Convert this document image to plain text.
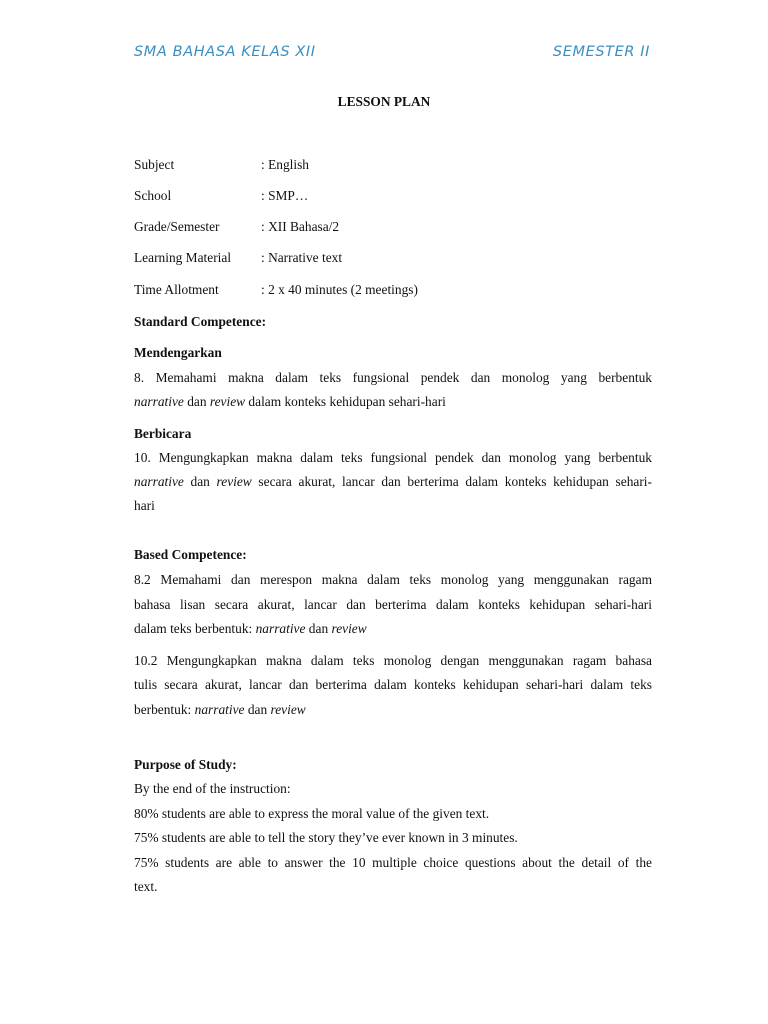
SMA BAHASA KELAS XII	SEMESTER II
LESSON PLAN
Subject	: English
School	: SMP…
Grade/Semester	: XII Bahasa/2
Learning Material : Narrative text
Time Allotment	: 2 x 40 minutes (2 meetings)
Standard Competence:
Mendengarkan
8. Memahami makna dalam teks fungsional pendek dan monolog yang berbentuk
narrative dan review dalam konteks kehidupan sehari-hari
Berbicara
10. Mengungkapkan makna dalam teks fungsional pendek dan monolog yang berbentuk
narrative dan review secara akurat, lancar dan berterima dalam konteks kehidupan sehari-
hari
Based Competence:
8.2 Memahami dan merespon makna dalam teks monolog yang menggunakan ragam
bahasa lisan secara akurat, lancar dan berterima dalam konteks kehidupan sehari-hari
dalam teks berbentuk: narrative dan review
10.2 Mengungkapkan makna dalam teks monolog dengan menggunakan ragam bahasa
tulis secara akurat, lancar dan berterima dalam konteks kehidupan sehari-hari dalam teks
berbentuk: narrative dan review
Purpose of Study:
By the end of the instruction:
80% students are able to express the moral value of the given text.
75% students are able to tell the story they’ve ever known in 3 minutes.
75% students are able to answer the 10 multiple choice questions about the detail of the
text.
